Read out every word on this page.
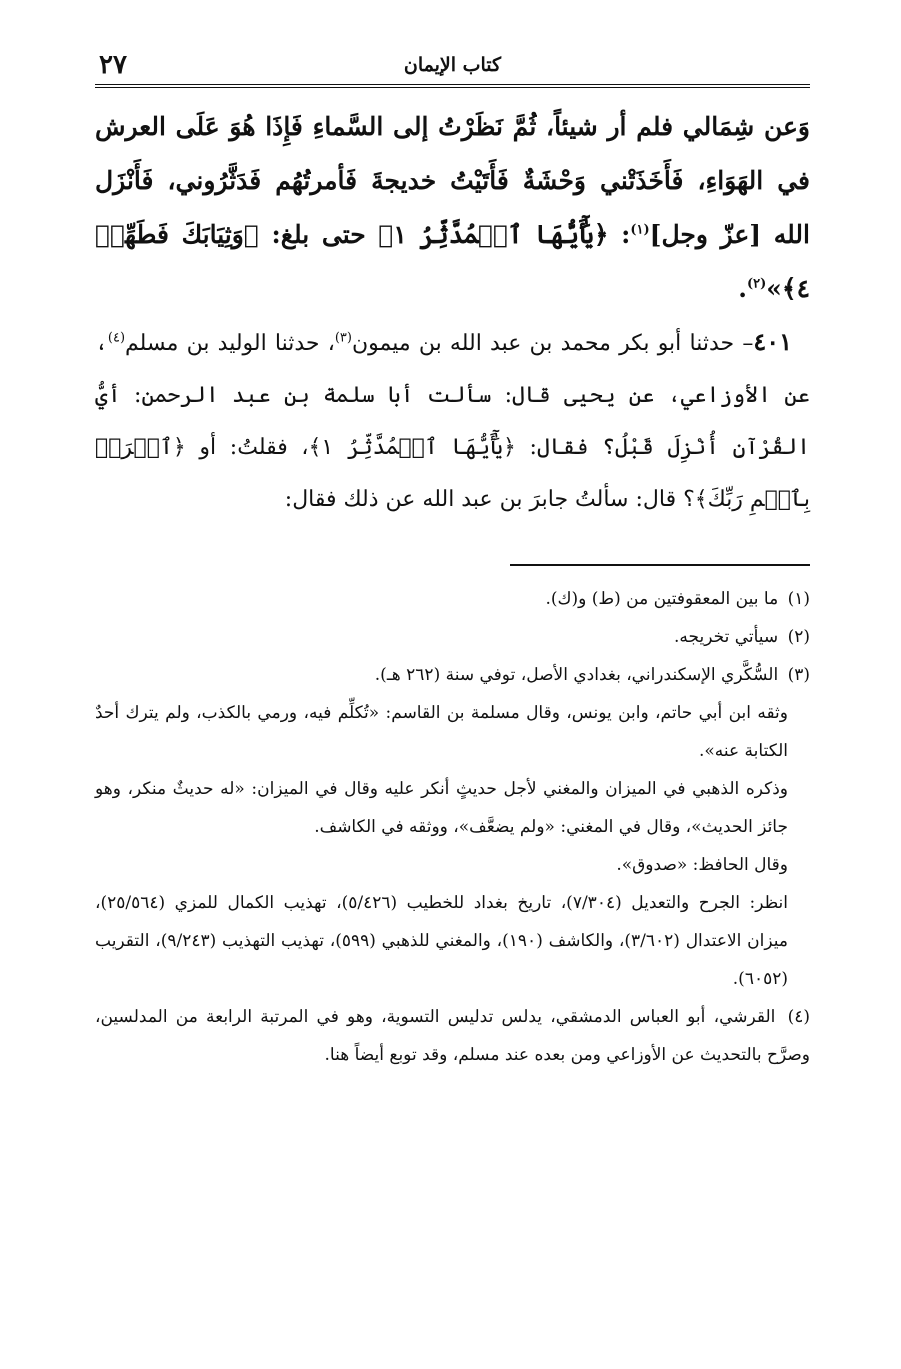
٢٧	كتاب الإيمان

وَعن شِمَالي فلم أر شيئاً، ثُمَّ نَظَرْتُ إلى السَّماءِ فَإِذَا هُوَ عَلَى العرش في الهَوَاءِ، فَأَخَذَتْني وَحْشَةٌ فَأَتَيْتُ خديجةَ فَأمرتُهُم فَدَثَّرُوني، فَأَنْزَل الله [عزّ وجل]$^{(١)}$: ﴿يَٰٓأَيُّهَا ٱلۡمُدَّثِّرُ ١﴾ حتى بلغ: ﴿وَثِيَابَكَ فَطَهِّرۡ ٤﴾»$^{(٢)}$.

٤٠١– حدثنا أبو بكر محمد بن عبد الله بن ميمون$^{(٣)}$، حدثنا الوليد بن مسلم$^{(٤)}$، عن الأوزاعي، عن يحيى قال: سألت أبا سلمة بن عبد الرحمن: أيُّ القُرْآنِ أُنْزِلَ قَبْلُ؟ فقال: ﴿يَٰٓأَيُّهَا ٱلۡمُدَّثِّرُ ١﴾، فقلتُ: أو ﴿ٱقۡرَأۡ بِٱسۡمِ رَبِّكَ﴾؟ قال: سألتُ جابرَ بن عبد الله عن ذلك فقال:

(١) ما بين المعقوفتين من (ط) و(ك).
(٢) سيأتي تخريجه.
(٣) السُّكَّري الإسكندراني، بغدادي الأصل، توفي سنة (٢٦٢ هـ).
وثقه ابن أبي حاتم، وابن يونس، وقال مسلمة بن القاسم: «تُكلِّم فيه، ورمي بالكذب، ولم يترك أحدٌ الكتابة عنه».
وذكره الذهبي في الميزان والمغني لأجل حديثٍ أنكر عليه وقال في الميزان: «له حديثٌ منكر، وهو جائز الحديث»، وقال في المغني: «ولم يضعَّف»، ووثقه في الكاشف.
وقال الحافظ: «صدوق».
انظر: الجرح والتعديل (٧/٣٠٤)، تاريخ بغداد للخطيب (٥/٤٢٦)، تهذيب الكمال للمزي (٢٥/٥٦٤)، ميزان الاعتدال (٣/٦٠٢)، والكاشف (١٩٠)، والمغني للذهبي (٥٩٩)، تهذيب التهذيب (٩/٢٤٣)، التقريب (٦٠٥٢).
(٤) القرشي، أبو العباس الدمشقي، يدلس تدليس التسوية، وهو في المرتبة الرابعة من المدلسين، وصرَّح بالتحديث عن الأوزاعي ومن بعده عند مسلم، وقد توبع أيضاً هنا.
